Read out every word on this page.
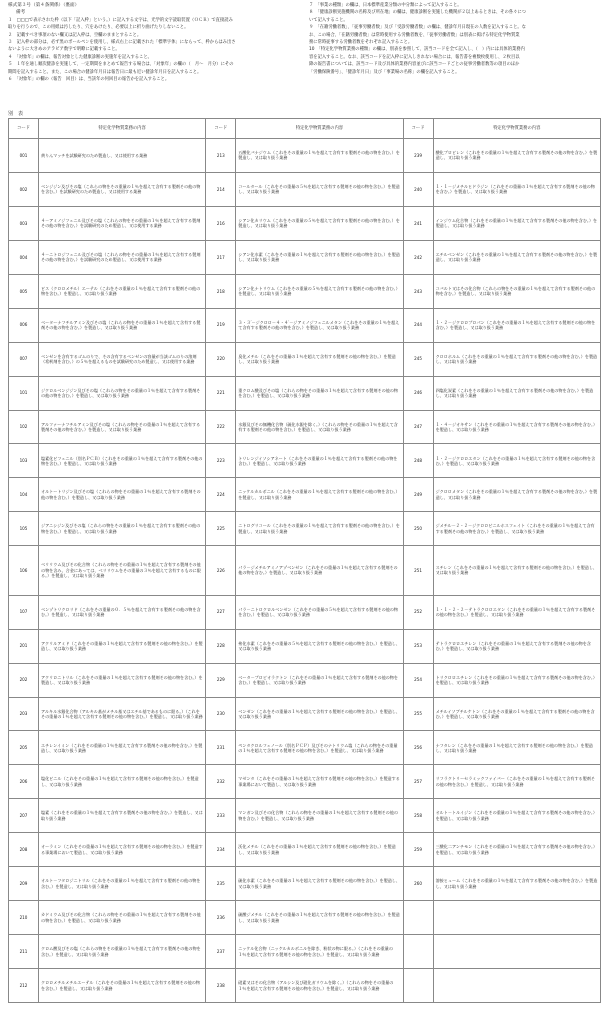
様式第３号（第４条関係）（裏面）
備考
１　□□□で表示された枠（以下「記入枠」という。）に記入する文字は、光学的文字読取装置（ＯＣＲ）で直接読み
取りを行うので、この用紙は汚したり、穴をあけたり、必要以上に折り曲げたりしないこと。
２　記載すべき事項のない欄又は記入枠は、空欄のままとすること。
３　記入枠の部分は、必ず黒のボールペンを使用し、様式右上に記載された「標準字体」にならって、枠からはみ出さ
ないように大きめのアラビア数字で明瞭に記載すること。
４　「対象年」の欄は、報告対象とした健康診断の実施年を記入すること。
５　１年を通し順次健診を実施して、一定期間をまとめて報告する場合は、「対象年」の欄の（　月〜　月分）にその
期間を記入すること。また、この場合の健診年月日は報告日に最も近い健診年月日を記入すること。
６　「対象年」の欄の（報告　回目）は、当該年の何回目の報告かを記入すること。
７　「事業の種類」の欄は、日本標準産業分類の中分類によって記入すること。
８　「健康診断実施機関の名称及び所在地」の欄は、健康診断を実施した機関が２以上あるときは、その各々につ
いて記入すること。
９　「在籍労働者数」、「従事労働者数」及び「受診労働者数」の欄は、健診年月日現在の人数を記入すること。な
お、この場合、「在籍労働者数」は常時使用する労働者数を、「従事労働者数」は別表に掲げる特定化学物質業
務に常時従事する労働者数をそれぞれ記入すること。
10　「特定化学物質業務の種類」の欄は、別表を参照して、該当コードを全て記入し、（　）内には具体的業務内
容を記入すること。なお、該当コードを記入枠に記入しきれない場合には、報告書を複数枚使用し、２枚目以
降の報告書については、該当コード及び具体的業務内容並びに該当コードごとの従事労働者数等の項目のほか
「労働保険番号」、「健診年月日」及び「事業場の名称」の欄を記入すること。
別　表
コード	特定化学物質業務の内容	コード	特定化学物質業務の内容	コード	特定化学物質業務の内容
001	黄りんマッチを試験研究のため製造し、又は使用する業務	213	五酸化バナジウム（これをその重量の１％を超えて含有する製剤その他の物を含む。）を製造し、又は取り扱う業務	239	酸化プロピレン（これをその重量の１％を超えて含有する製剤その他の物を含む。）を製造し、又は取り扱う業務
002	ベンジジン及びその塩（これらの物をその重量の１％を超えて含有する製剤その他の物を含む。）を試験研究のため製造し、又は使用する業務	214	コールタール（これをその重量の５％を超えて含有する製剤その他の物を含む。）を製造し、又は取り扱う業務	240	１・１－ジメチルヒドラジン（これをその重量の１％を超えて含有する製剤その他の物を含む。）を製造し、又は取り扱う業務
003	４－アミノジフェニル及びその塩（これらの物をその重量の１％を超えて含有する製剤その他の物を含む。）を試験研究のため製造し、又は使用する業務	216	シアン化カリウム（これをその重量の５％を超えて含有する製剤その他の物を含む。）を製造し、又は取り扱う業務	241	インジウム化合物（これをその重量の１％を超えて含有する製剤その他の物を含む。）を製造し、又は取り扱う業務
004	４－ニトロジフェニル及びその塩（これらの物をその重量の１％を超えて含有する製剤その他の物を含む。）を試験研究のため製造し、又は使用する業務	217	シアン化水素（これをその重量の１％を超えて含有する製剤その他の物を含む。）を製造し、又は取り扱う業務	242	エチルベンゼン（これをその重量の１％を超えて含有する製剤その他の物を含む。）を製造し、又は取り扱う業務
005	ビス（クロロメチル）エーテル（これをその重量の１％を超えて含有する製剤その他の物を含む。）を製造し、又は取り扱う業務	218	シアン化ナトリウム（これをその重量の５％を超えて含有する製剤その他の物を含む。）を製造し、又は取り扱う業務	243	コバルト又はその化合物（これらの物をその重量の１％を超えて含有する製剤その他の物を含む。）を製造し、又は取り扱う業務
006	ベーターナフチルアミン及びその塩（これらの物をその重量の１％を超えて含有する製剤その他の物を含む。）を製造し、又は取り扱う業務	219	３・３′－ジクロロ－４・４′－ジアミノジフェニルメタン（これをその重量の１％を超えて含有する製剤その他の物を含む。）を製造し、又は取り扱う業務	244	１・２－ジクロロプロパン（これをその重量の１％を超えて含有する製剤その他の物を含む。）を製造し、又は取り扱う業務
007	ベンゼンを含有するゴムのりで、その含有するベンゼンの容量が当該ゴムのりの溶剤（希釈剤を含む。）の５％を超えるものを試験研究のため製造し、又は使用する業務	220	臭化メチル（これをその重量の１％を超えて含有する製剤その他の物を含む。）を製造し、又は取り扱う業務	245	クロロホルム（これをその重量の１％を超えて含有する製剤その他の物を含む。）を製造し、又は取り扱う業務
101	ジクロルベンジジン及びその塩（これらの物をその重量の１％を超えて含有する製剤その他の物を含む。）を製造し、又は取り扱う業務	221	重クロム酸及びその塩（これらの物をその重量の１％を超えて含有する製剤その他の物を含む。）を製造し、又は取り扱う業務	246	四塩化炭素（これをその重量の１％を超えて含有する製剤その他の物を含む。）を製造し、又は取り扱う業務
102	アルファーナフチルアミン及びその塩（これらの物をその重量の１％を超えて含有する製剤その他の物を含む。）を製造し、又は取り扱う業務	222	水銀及びその無機化合物（硫化水銀を除く。）（これらの物をその重量の１％を超えて含有する製剤その他の物を含む。）を製造し、又は取り扱う業務	247	１・４－ジオキサン（これをその重量の１％を超えて含有する製剤その他の物を含む。）を製造し、又は取り扱う業務
103	塩素化ビフェニル（別名ＰＣＢ）（これをその重量の１％を超えて含有する製剤その他の物を含む。）を製造し、又は取り扱う業務	223	トリレンジイソシアネート（これをその重量の１％を超えて含有する製剤その他の物を含む。）を製造し、又は取り扱う業務	248	１・２－ジクロロエタン（これをその重量の１％を超えて含有する製剤その他の物を含む。）を製造し、又は取り扱う業務
104	オルトートリジン及びその塩（これらの物をその重量の１％を超えて含有する製剤その他の物を含む。）を製造し、又は取り扱う業務	224	ニッケルカルボニル（これをその重量の１％を超えて含有する製剤その他の物を含む。）を製造し、又は取り扱う業務	249	ジクロロメタン（これをその重量の１％を超えて含有する製剤その他の物を含む。）を製造し、又は取り扱う業務
105	ジアニシジン及びその塩（これらの物をその重量の１％を超えて含有する製剤その他の物を含む。）を製造し、又は取り扱う業務	225	ニトログリコール（これをその重量の１％を超えて含有する製剤その他の物を含む。）を製造し、又は取り扱う業務	250	ジメチル－２・２－ジクロロビニルホスフェイト（これをその重量の１％を超えて含有する製剤その他の物を含む。）を製造し、又は取り扱う業務
106	ベリリウム及びその化合物（これらの物をその重量の１％を超えて含有する製剤その他の物を含み、合金にあっては、ベリリウムをその重量の３％を超えて含有するものに限る。）を製造し、又は取り扱う業務	226	パラ－ジメチルアミノアゾベンゼン（これをその重量の１％を超えて含有する製剤その他の物を含む。）を製造し、又は取り扱う業務	251	スチレン（これをその重量の１％を超えて含有する製剤その他の物を含む。）を製造し、又は取り扱う業務
107	ベンゾトリクロリド（これをその重量の０．５％を超えて含有する製剤その他の物を含む。）を製造し、又は取り扱う業務	227	パラ－ニトロクロルベンゼン（これをその重量の５％を超えて含有する製剤その他の物を含む。）を製造し、又は取り扱う業務	252	１・１・２・２－テトラクロロエタン（これをその重量の１％を超えて含有する製剤その他の物を含む。）を製造し、又は取り扱う業務
201	アクリルアミド（これをその重量の１％を超えて含有する製剤その他の物を含む。）を製造し、又は取り扱う業務	228	弗化水素（これをその重量の５％を超えて含有する製剤その他の物を含む。）を製造し、又は取り扱う業務	253	テトラクロロエチレン（これをその重量の１％を超えて含有する製剤その他の物を含む。）を製造し、又は取り扱う業務
202	アクリロニトリル（これをその重量の１％を超えて含有する製剤その他の物を含む。）を製造し、又は取り扱う業務	229	ベータ－プロピオラクトン（これをその重量の１％を超えて含有する製剤その他の物を含む。）を製造し、又は取り扱う業務	254	トリクロロエチレン（これをその重量の１％を超えて含有する製剤その他の物を含む。）を製造し、又は取り扱う業務
203	アルキル水銀化合物（アルキル基がメチル基又はエチル基であるものに限る。）（これをその重量の１％を超えて含有する製剤その他の物を含む。）を製造し、又は取り扱う業務	230	ベンゼン（これをその重量の１％を超えて含有する製剤その他の物を含む。）を製造し、又は取り扱う業務	255	メチルイソブチルケトン（これをその重量の１％を超えて含有する製剤その他の物を含む。）を製造し、又は取り扱う業務
205	エチレンイミン（これをその重量の１％を超えて含有する製剤その他の物を含む。）を製造し、又は取り扱う業務	231	ペンタクロルフェノール（別名ＰＣＰ）及びそのナトリウム塩（これらの物をその重量の１％を超えて含有する製剤その他の物を含む。）を製造し、又は取り扱う業務	256	ナフタレン（これをその重量の１％を超えて含有する製剤その他の物を含む。）を製造し、又は取り扱う業務
206	塩化ビニル（これをその重量の１％を超えて含有する製剤その他の物を含む。）を製造し、又は取り扱う業務	232	マゼンタ（これをその重量の１％を超えて含有する製剤その他の物を含む。）を製造する事業場において製造し、又は取り扱う業務	257	リフラクトリーセラミックファイバー（これをその重量の１％を超えて含有する製剤その他の物を含む。）を製造し、又は取り扱う業務
207	塩素（これをその重量の１％を超えて含有する製剤その他の物を含む。）を製造し、又は取り扱う業務	233	マンガン及びその化合物（これらの物をその重量の１％を超えて含有する製剤その他の物を含む。）を製造し、又は取り扱う業務	258	オルト－トルイジン（これをその重量の１％を超えて含有する製剤その他の物を含む。）を製造し、又は取り扱う業務
208	オーラミン（これをその重量の１％を超えて含有する製剤その他の物を含む。）を製造する事業場において製造し、又は取り扱う業務	234	沃化メチル（これをその重量の１％を超えて含有する製剤その他の物を含む。）を製造し、又は取り扱う業務	259	三酸化二アンチモン（これをその重量の１％を超えて含有する製剤その他の物を含む。）を製造し、又は取り扱う業務
209	オルト－フタロジニトリル（これをその重量の１％を超えて含有する製剤その他の物を含む。）を製造し、又は取り扱う業務	235	硫化水素（これをその重量の１％を超えて含有する製剤その他の物を含む。）を製造し、又は取り扱う業務	260	溶接ヒューム（これをその重量の１％を超えて含有する製剤その他の物を含む。）を製造し、又は取り扱う業務
210	カドミウム及びその化合物（これらの物をその重量の１％を超えて含有する製剤その他の物を含む。）を製造し、又は取り扱う業務	236	硫酸ジメチル（これをその重量の１％を超えて含有する製剤その他の物を含む。）を製造し、又は取り扱う業務		
211	クロム酸及びその塩（これらの物をその重量の１％を超えて含有する製剤その他の物を含む。）を製造し、又は取り扱う業務	237	ニッケル化合物（ニッケルカルボニルを除き、粉状の物に限る。）（これをその重量の１％を超えて含有する製剤その他の物を含む。）を製造し、又は取り扱う業務		
212	クロロメチルメチルエーテル（これをその重量の１％を超えて含有する製剤その他の物を含む。）を製造し、又は取り扱う業務	238	砒素又はその化合物（アルシン及び砒化ガリウムを除く。）（これらの物をその重量の１％を超えて含有する製剤その他の物を含む。）を製造し、又は取り扱う業務		
